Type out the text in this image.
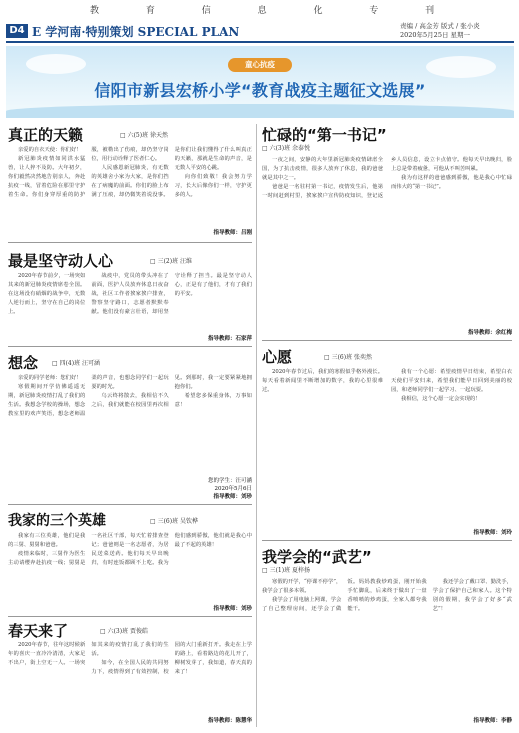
教 育 信 息 化 专 刊
D4 E 学河南·特别策划 SPECIAL PLAN	责编 / 高金芳 版式 / 张小炎
2020年5月25日 星期一
童心抗疫
信阳市新县宏桥小学“教育战疫主题征文选展”
真正的天籁	□ 六(5)班 徐天然

亲爱的自衣天使：你们好！

新冠肺炎疫情如同洪水猛兽，让人猝不及防。大年初夕，你们毅然决然地告别亲人，奔赴抗疫一线，冒着危险在那里守护着生命。你们身穿厚重的防护服，被勒出了伤痕，却仍坚守岗位，用行动诠释了医者仁心。

人民感恩新冠肺炎，有无数的英雄舍小家为大家，是你们挡在了病魔的前面。你们的脸上布满了压痕，却仍微笑着说没事。是你们让我们懂得了什么叫真正的天籁，那就是生命的声音，是无数人平安的心跳。

向你们致敬！我会努力学习，长大后像你们一样，守护更多的人。

指导教师：吕刚
最是坚守动人心	□ 三(2)班 汪维

2020年春节前夕，一场突如其来的新冠肺炎疫情席卷全国。在这场没有硝烟的战争中，无数人逆行而上，坚守在自己的岗位上。

战疫中，党员的带头冲在了前面，医护人员放弃休息日夜奋战，社区工作者挨家挨户排查，警察坚守路口，志愿者默默奉献。他们没有豪言壮语，却用坚守诠释了担当。最是坚守动人心，正是有了他们，才有了我们的平安。

指导教师：石家萍
想念 □ 四(4)班 汪可涵

亲爱的同学老师：您们好！

寒假期间开学仿佛遥遥无期，新冠肺炎疫情打乱了我们的生活。我想念学校的操场，想念教室里的欢声笑语，想念老师温柔的声音，也想念同学们一起玩耍的时光。

乌云终将散去，我相信不久之后，我们就能在校园里再次相见。到那时，我一定要紧紧地拥抱你们。

希望您多保重身体，万事如意！

您的学生：汪可涵
2020年5月6日
指导教师：刘珍
我家的三个英雄	□ 三(6)班 吴钦桦

我家有三位英雄，他们是我的三舅、舅舅和爸爸。

疫情来临时，三舅作为医生主动请缨奔赴抗疫一线；舅舅是一名社区干部，每天忙着排查登记；爸爸则是一名志愿者，为居民送菜送药。他们每天早出晚归，有时连饭都顾不上吃。我为他们感到骄傲，他们就是我心中最了不起的英雄！

指导教师：刘珍
春天来了	□ 六(3)班 贾俊皓

2020年春节，往年这时候新年的喜庆一直冷冷清清，大家足不出户，街上空无一人。一场突如其来的疫情打乱了我们的生活。

如今，在全国人民的共同努力下，疫情得到了有效控制，校园的大门重新打开。我走在上学的路上，看着路边的花儿开了，柳树发芽了，我知道，春天真的来了！

指导教师：陈慧华
忙碌的“第一书记”
□ 六(3)班 余泰悦

一夜之间，安静的大年里新冠肺炎疫情肆虐全国，为了抗击疫情，很多人放弃了休息，我的爸爸就是其中之一。

爸爸是一名驻村第一书记，疫情发生后，他第一时间赶到村里，挨家挨户宣传防疫知识，登记返乡人员信息，设立卡点值守。他每天早出晚归，脸上总是带着疲惫，可他从不叫苦叫累。

我为有这样的爸爸感到骄傲，他是我心中忙碌而伟大的“第一书记”。

指导教师：余红梅
心愿	□ 三(6)班 张奕然

2020年春节过后，我们的寒假似乎格外漫长。每天看着新闻里不断增加的数字，我的心里很难过。

我有一个心愿：希望疫情早日结束，希望白衣天使们平安归来，希望我们能早日回到美丽的校园，和老师同学们一起学习、一起玩耍。

我相信，这个心愿一定会实现的！

指导教师：刘玲
我学会的“武艺”
□ 三(1)班 夏梓扬

寒假的开学，“停课不停学”，我学会了很多本领。

我学会了用电脑上网课，学会了自己整理房间，还学会了做饭。妈妈教我炒鸡蛋，刚开始我手忙脚乱，后来终于做出了一盘香喷喷的炒鸡蛋，全家人都夸我能干。

我还学会了戴口罩、勤洗手，学会了保护自己和家人。这个特别的假期，我学会了好多“武艺”！

指导教师：李静
